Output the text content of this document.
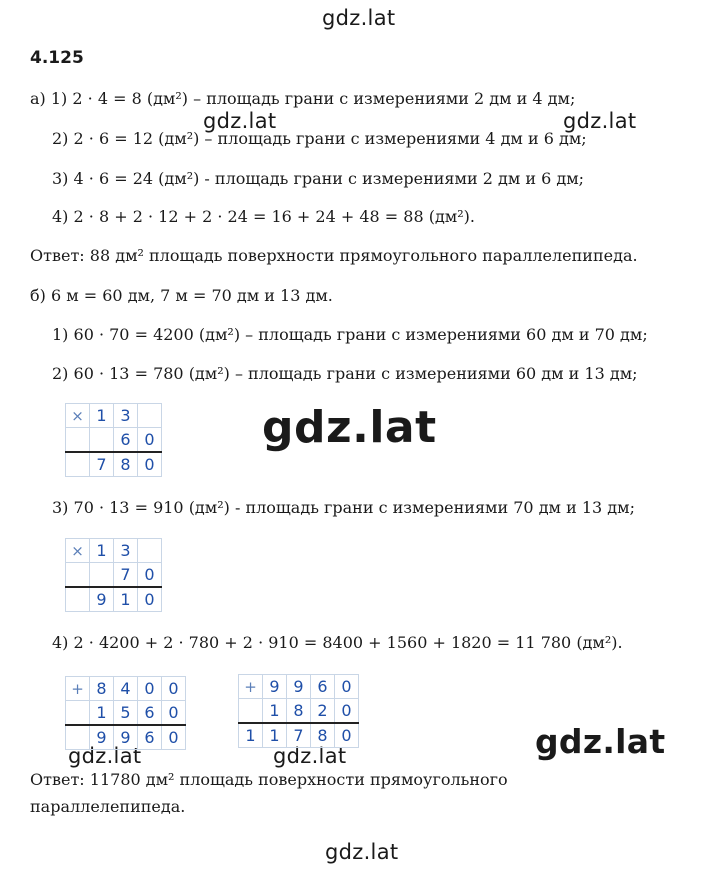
gdz.lat
gdz.lat	gdz.lat
gdz.lat
gdz.lat
gdz.lat	gdz.lat
gdz.lat
4.125
а) 1) 2 · 4 = 8 (дм²) – площадь грани с измерениями 2 дм и 4 дм;
2) 2 · 6 = 12 (дм²) – площадь грани с измерениями 4 дм и 6 дм;
3) 4 · 6 = 24 (дм²) - площадь грани с измерениями 2 дм и 6 дм;
4) 2 · 8 + 2 · 12 + 2 · 24 = 16 + 24 + 48 = 88 (дм²).
Ответ: 88 дм² площадь поверхности прямоугольного параллелепипеда.
б) 6 м = 60 дм, 7 м = 70 дм и 13 дм.
1) 60 · 70 = 4200 (дм²) – площадь грани с измерениями 60 дм и 70 дм;
2) 60 · 13 = 780 (дм²) – площадь грани с измерениями 60 дм и 13 дм;
×	1	3	
		6	0
	7	8	0
3) 70 · 13 = 910 (дм²) - площадь грани с измерениями 70 дм и 13 дм;
×	1	3	
		7	0
	9	1	0
4) 2 · 4200 + 2 · 780 + 2 · 910 = 8400 + 1560 + 1820 = 11 780 (дм²).
+	8	4	0	0
	1	5	6	0
	9	9	6	0
+	9	9	6	0
	1	8	2	0
1	1	7	8	0
Ответ: 11780 дм² площадь поверхности прямоугольного
параллелепипеда.
